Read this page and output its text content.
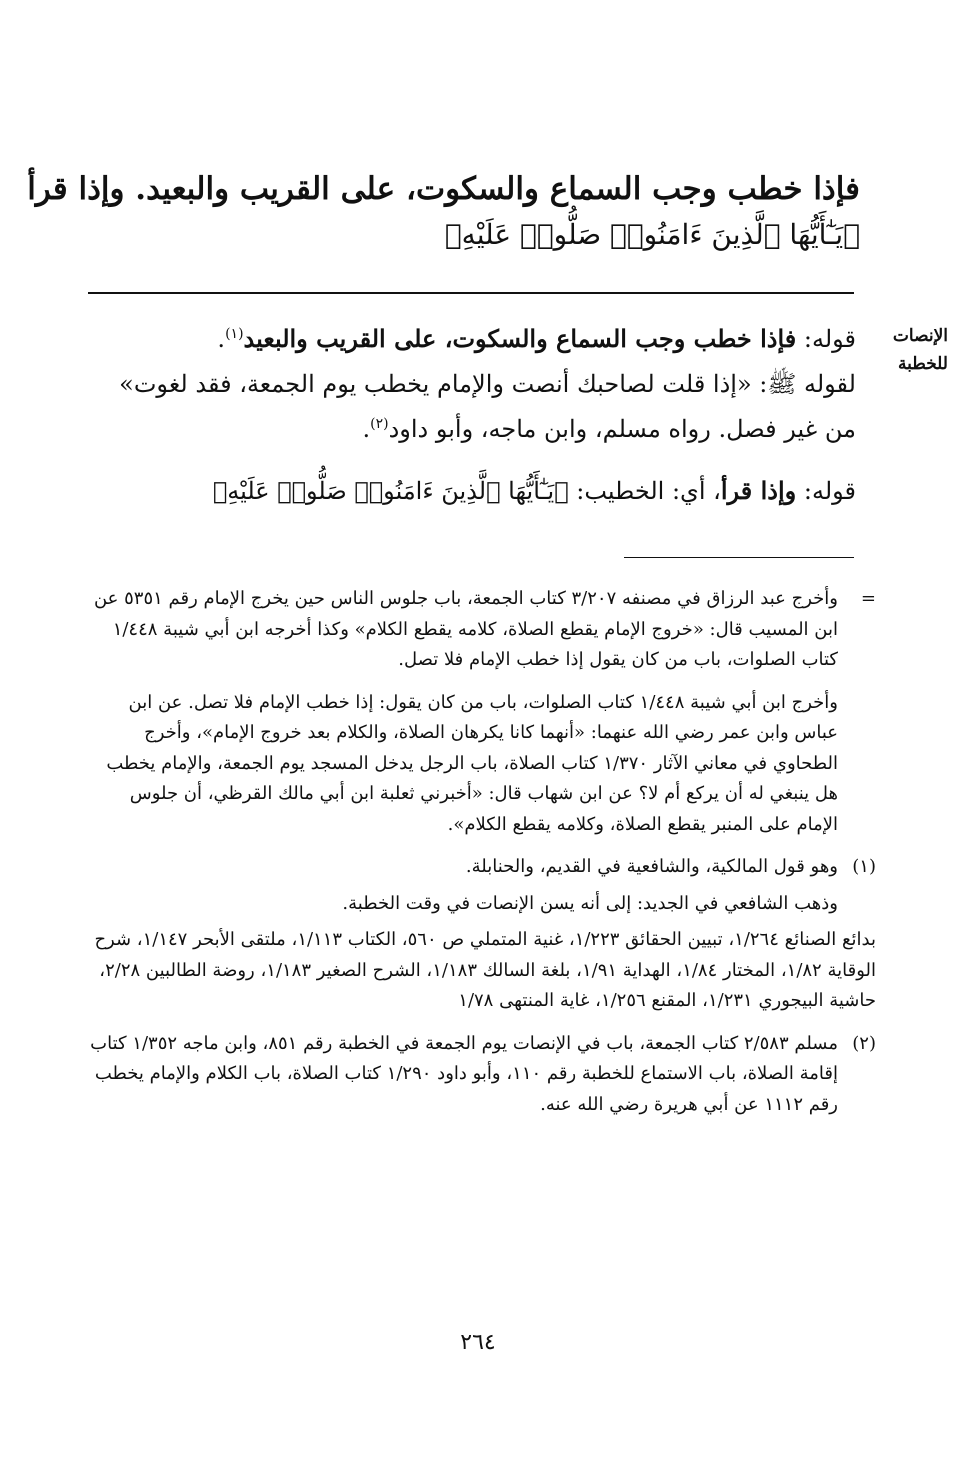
فإذا خطب وجب السماع والسكوت، على القريب والبعيد. وإذا قرأ
﴿يَـٰٓأَيُّهَا ٱلَّذِينَ ءَامَنُوا۟ صَلُّوا۟ عَلَيْهِ﴾
الإنصات
للخطبة

قوله: فإذا خطب وجب السماع والسكوت، على القريب والبعيد$^{(١)}$.

لقوله ﷺ: «إذا قلت لصاحبك أنصت والإمام يخطب يوم الجمعة، فقد لغوت» من غير فصل. رواه مسلم، وابن ماجه، وأبو داود$^{(٢)}$.

قوله: وإذا قرأ، أي: الخطيب: ﴿يَـٰٓأَيُّهَا ٱلَّذِينَ ءَامَنُوا۟ صَلُّوا۟ عَلَيْهِ﴾

=

وأخرج عبد الرزاق في مصنفه ٣/٢٠٧ كتاب الجمعة، باب جلوس الناس حين يخرج الإمام رقم ٥٣٥١ عن ابن المسيب قال: «خروج الإمام يقطع الصلاة، كلامه يقطع الكلام» وكذا أخرجه ابن أبي شيبة ١/٤٤٨ كتاب الصلوات، باب من كان يقول إذا خطب الإمام فلا تصل.

وأخرج ابن أبي شيبة ١/٤٤٨ كتاب الصلوات، باب من كان يقول: إذا خطب الإمام فلا تصل. عن ابن عباس وابن عمر رضي الله عنهما: «أنهما كانا يكرهان الصلاة، والكلام بعد خروج الإمام»، وأخرج الطحاوي في معاني الآثار ١/٣٧٠ كتاب الصلاة، باب الرجل يدخل المسجد يوم الجمعة، والإمام يخطب هل ينبغي له أن يركع أم لا؟ عن ابن شهاب قال: «أخبرني ثعلبة ابن أبي مالك القرظي، أن جلوس الإمام على المنبر يقطع الصلاة، وكلامه يقطع الكلام».

(١)

وهو قول المالكية، والشافعية في القديم، والحنابلة.

وذهب الشافعي في الجديد: إلى أنه يسن الإنصات في وقت الخطبة.

بدائع الصنائع ١/٢٦٤، تبيين الحقائق ١/٢٢٣، غنية المتملي ص ٥٦٠، الكتاب ١/١١٣، ملتقى الأبحر ١/١٤٧، شرح الوقاية ١/٨٢، المختار ١/٨٤، الهداية ١/٩١، بلغة السالك ١/١٨٣، الشرح الصغير ١/١٨٣، روضة الطالبين ٢/٢٨، حاشية البيجوري ١/٢٣١، المقنع ١/٢٥٦، غاية المنتهى ١/٧٨
(٢)

مسلم ٢/٥٨٣ كتاب الجمعة، باب في الإنصات يوم الجمعة في الخطبة رقم ٨٥١، وابن ماجه ١/٣٥٢ كتاب إقامة الصلاة، باب الاستماع للخطبة رقم ١١٠، وأبو داود ١/٢٩٠ كتاب الصلاة، باب الكلام والإمام يخطب رقم ١١١٢ عن أبي هريرة رضي الله عنه.

٢٦٤
